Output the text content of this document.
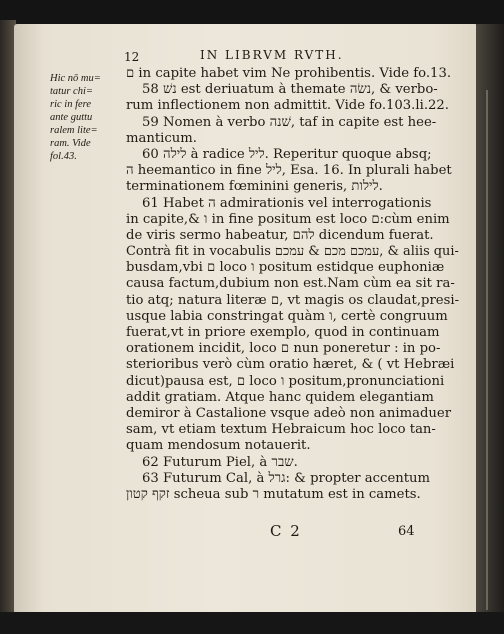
12	IN LIBRVM RVTH.
Hic nō mu=
tatur chi=
ric in fere
ante guttu
ralem lite=
ram. Vide
fol.43.
ם in capite habet vim Ne prohibentis. Vide fo.13.
58 נשׁ est deriuatum à themate נשׂה, & verbo-
rum inflectionem non admittit. Vide fo.103.li.22.
59 Nomen à verbo שׁנה, taf in capite est hee-
manticum.
60 לילה à radice ליל. Reperitur quoque absq;
ה heemantico in fine ליל, Esa. 16. In plurali habet
terminationem fœminini generis, לילות.
61 Habet ה admirationis vel interrogationis
in capite,& ו in fine positum est loco ם:cùm enim
de viris sermo habeatur, להם dicendum fuerat.
Contrà fit in vocabulis עמכם מכם & עמכם, & aliis qui-
busdam,vbi ם loco ו positum estidque euphoniæ
causa factum,dubium non est.Nam cùm ea sit ra-
tio atq; natura literæ ם, vt magis os claudat,presi-
usque labia constringat quàm ו, certè congruum
fuerat,vt in priore exemplo, quod in continuam
orationem incidit, loco ם nun poneretur : in po-
sterioribus verò cùm oratio hæret, & ( vt Hebræi
dicut)pausa est, ם loco ו positum,pronunciationi
addit gratiam. Atque hanc quidem elegantiam
demiror à Castalione vsque adeò non animaduer
sam, vt etiam textum Hebraicum hoc loco tan-
quam mendosum notauerit.
62 Futurum Piel, à שבר.
63 Futurum Cal, à גרל: & propter accentum
זקף קטון scheua sub ר mutatum est in camets.
C 2	64
